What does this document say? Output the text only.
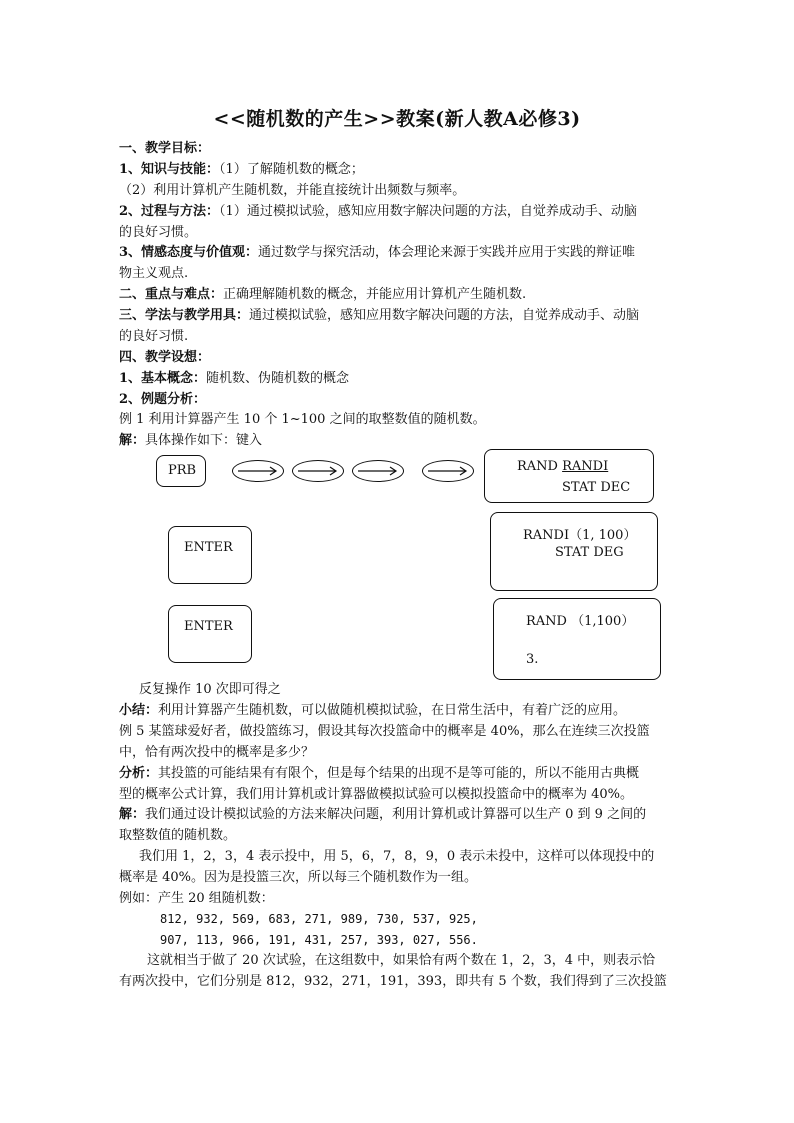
<<随机数的产生>>教案(新人教A必修3)
一、教学目标：
1、知识与技能：（1）了解随机数的概念；
（2）利用计算机产生随机数，并能直接统计出频数与频率。
2、过程与方法：（1）通过模拟试验，感知应用数字解决问题的方法，自觉养成动手、动脑
的良好习惯。
3、情感态度与价值观：通过数学与探究活动，体会理论来源于实践并应用于实践的辩证唯
物主义观点.
二、重点与难点：正确理解随机数的概念，并能应用计算机产生随机数.
三、学法与教学用具：通过模拟试验，感知应用数字解决问题的方法，自觉养成动手、动脑
的良好习惯.
四、教学设想：
1、基本概念：随机数、伪随机数的概念
2、例题分析：
例 1 利用计算器产生 10 个 1~100 之间的取整数值的随机数。
解：具体操作如下：键入
PRB	RAND RANDI
STAT DEC
ENTER
RANDI（1, 100）
STAT DEG
ENTER	RAND （1,100）
3.
反复操作 10 次即可得之
小结：利用计算器产生随机数，可以做随机模拟试验，在日常生活中，有着广泛的应用。
例 5 某篮球爱好者，做投篮练习，假设其每次投篮命中的概率是 40%，那么在连续三次投篮
中，恰有两次投中的概率是多少？
分析：其投篮的可能结果有有限个，但是每个结果的出现不是等可能的，所以不能用古典概
型的概率公式计算，我们用计算机或计算器做模拟试验可以模拟投篮命中的概率为 40%。
解：我们通过设计模拟试验的方法来解决问题，利用计算机或计算器可以生产 0 到 9 之间的
取整数值的随机数。
我们用 1，2，3，4 表示投中，用 5，6，7，8，9，0 表示未投中，这样可以体现投中的
概率是 40%。因为是投篮三次，所以每三个随机数作为一组。
例如：产生 20 组随机数：
812, 932, 569, 683, 271, 989, 730, 537, 925,
907, 113, 966, 191, 431, 257, 393, 027, 556.
这就相当于做了 20 次试验，在这组数中，如果恰有两个数在 1，2，3，4 中，则表示恰
有两次投中，它们分别是 812，932，271，191，393，即共有 5 个数，我们得到了三次投篮
